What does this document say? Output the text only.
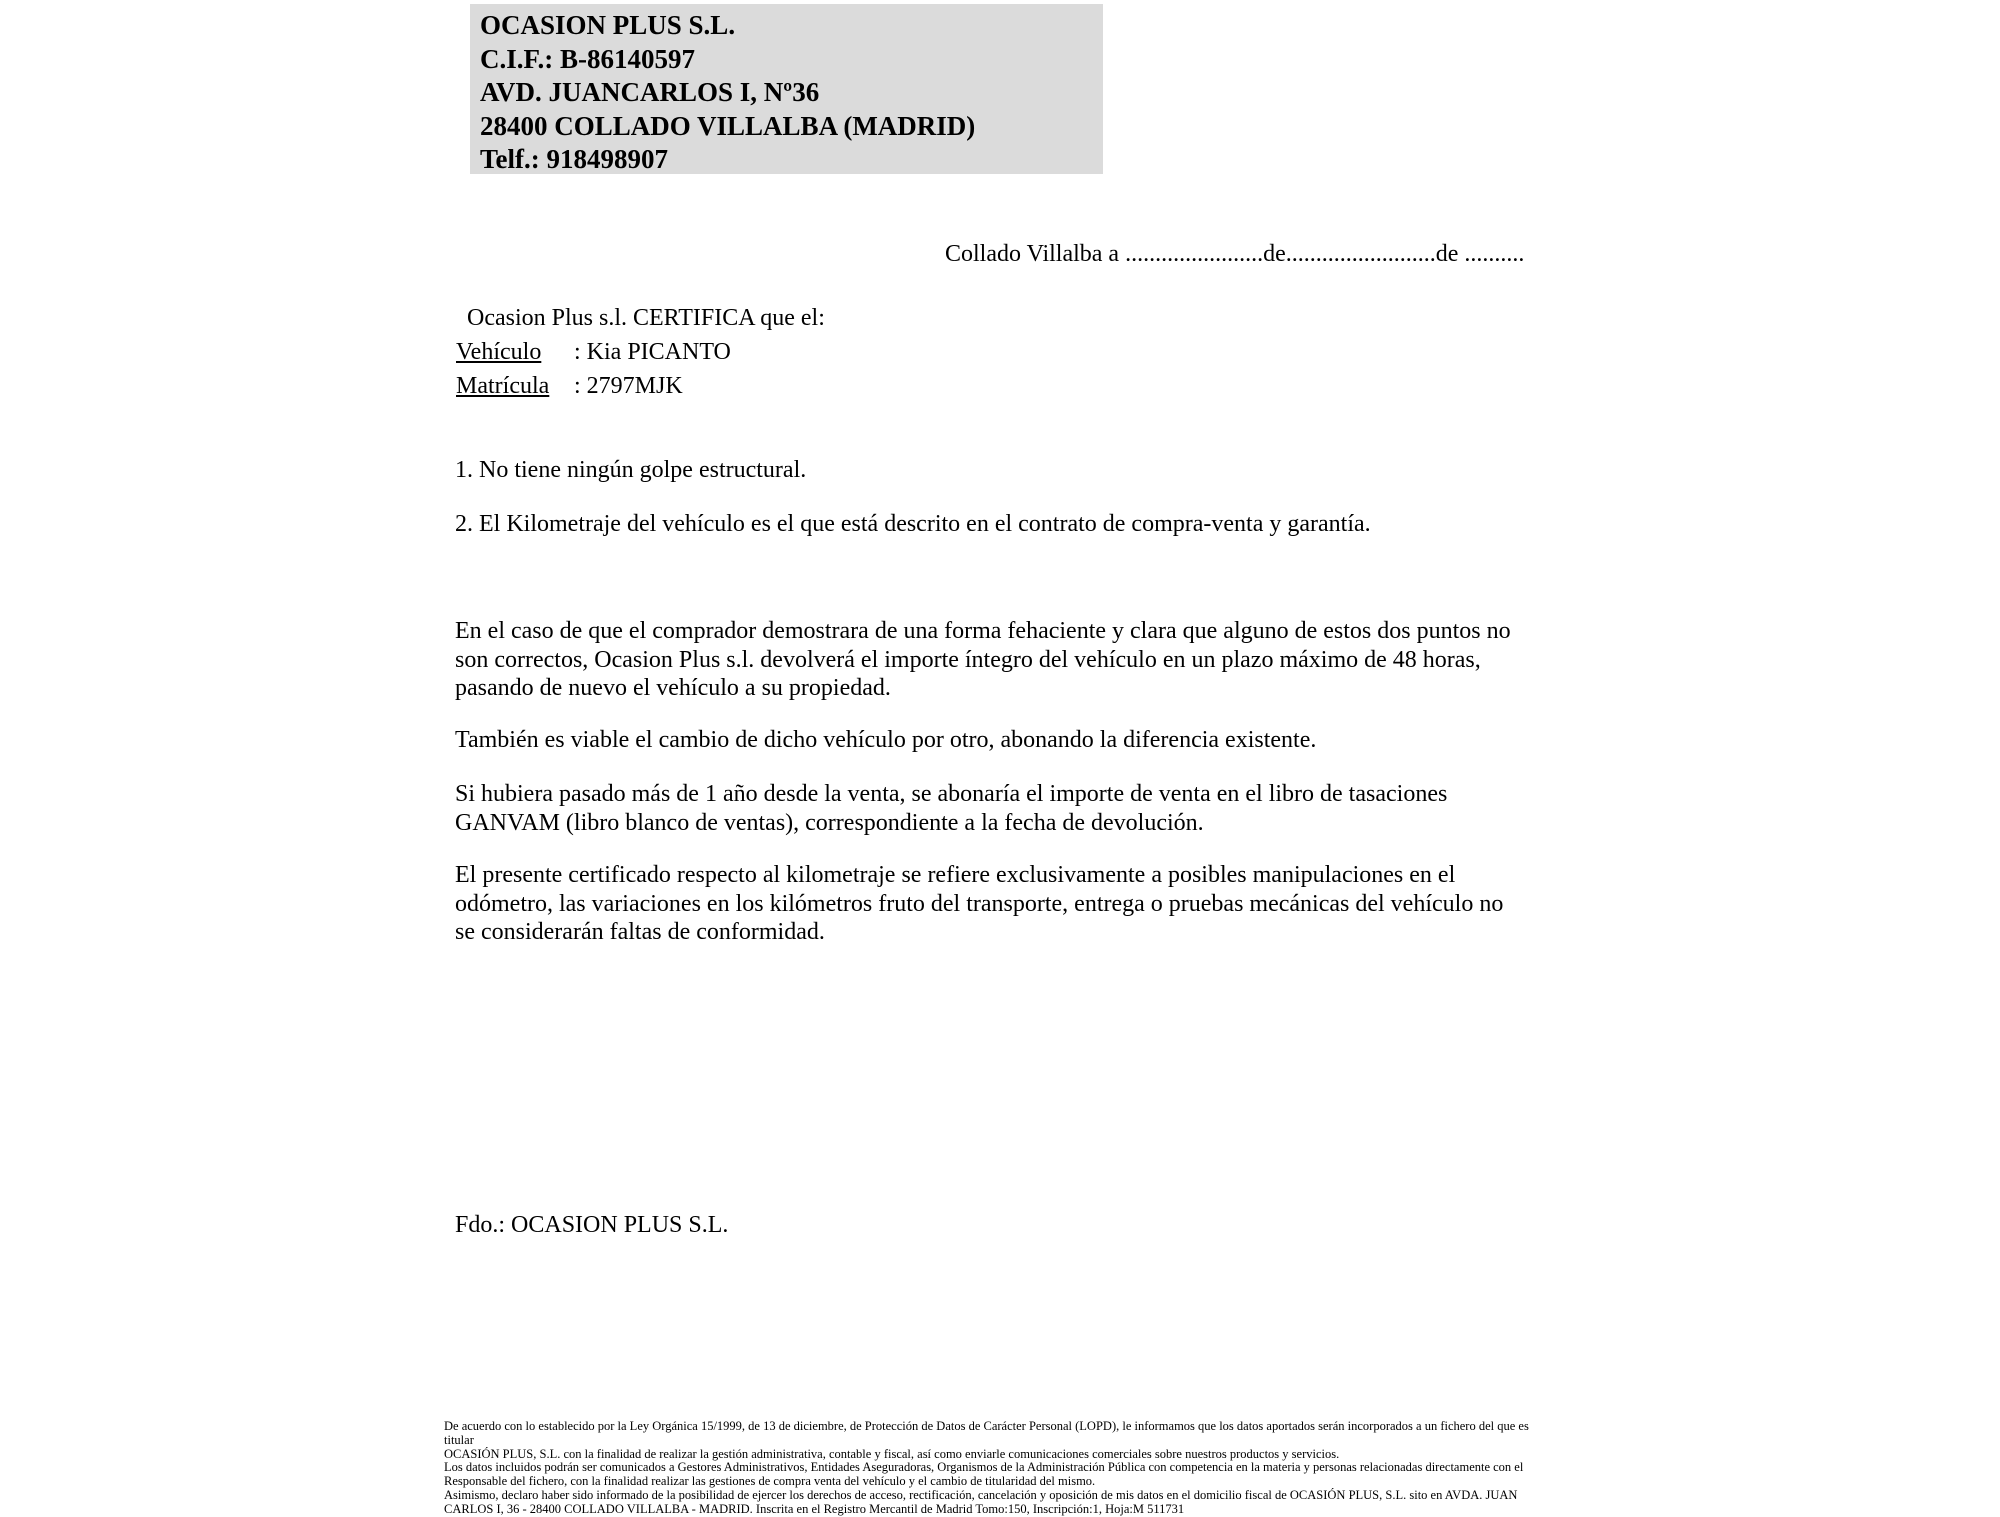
OCASION PLUS S.L.
C.I.F.: B-86140597
AVD. JUANCARLOS I, Nº36
28400 COLLADO VILLALBA (MADRID)
Telf.: 918498907
Collado Villalba a .......................de.........................de ..........
Ocasion Plus s.l. CERTIFICA que el:
Vehículo : Kia PICANTO
Matrícula : 2797MJK
1. No tiene ningún golpe estructural.
2. El Kilometraje del vehículo es el que está descrito en el contrato de compra-venta y garantía.
En el caso de que el comprador demostrara de una forma fehaciente y clara que alguno de estos dos puntos no
son correctos, Ocasion Plus s.l. devolverá el importe íntegro del vehículo en un plazo máximo de 48 horas,
pasando de nuevo el vehículo a su propiedad.
También es viable el cambio de dicho vehículo por otro, abonando la diferencia existente.
Si hubiera pasado más de 1 año desde la venta, se abonaría el importe de venta en el libro de tasaciones
GANVAM (libro blanco de ventas), correspondiente a la fecha de devolución.
El presente certificado respecto al kilometraje se refiere exclusivamente a posibles manipulaciones en el
odómetro, las variaciones en los kilómetros fruto del transporte, entrega o pruebas mecánicas del vehículo no
se considerarán faltas de conformidad.
Fdo.: OCASION PLUS S.L.
De acuerdo con lo establecido por la Ley Orgánica 15/1999, de 13 de diciembre, de Protección de Datos de Carácter Personal (LOPD), le informamos que los datos aportados serán incorporados a un fichero del que es titular
OCASIÓN PLUS, S.L. con la finalidad de realizar la gestión administrativa, contable y fiscal, así como enviarle comunicaciones comerciales sobre nuestros productos y servicios.
Los datos incluidos podrán ser comunicados a Gestores Administrativos, Entidades Aseguradoras, Organismos de la Administración Pública con competencia en la materia y personas relacionadas directamente con el
Responsable del fichero, con la finalidad realizar las gestiones de compra venta del vehículo y el cambio de titularidad del mismo.
Asimismo, declaro haber sido informado de la posibilidad de ejercer los derechos de acceso, rectificación, cancelación y oposición de mis datos en el domicilio fiscal de OCASIÓN PLUS, S.L. sito en AVDA. JUAN
CARLOS I, 36 - 28400 COLLADO VILLALBA - MADRID. Inscrita en el Registro Mercantil de Madrid Tomo:150, Inscripción:1, Hoja:M 511731
